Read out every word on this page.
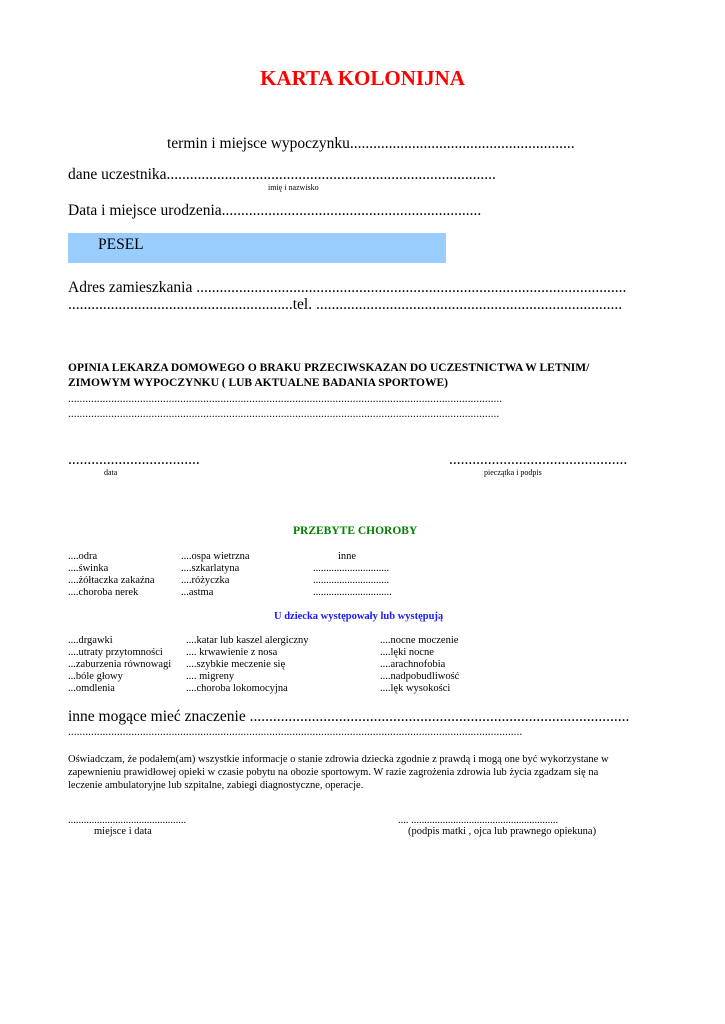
KARTA KOLONIJNA
termin i miejsce wypoczynku..........................................................
dane uczestnika.....................................................................................
imię i nazwisko
Data i miejsce urodzenia...................................................................
PESEL
Adres zamieszkania ...............................................................................................................
..........................................................tel. ...............................................................................
OPINIA LEKARZA DOMOWEGO O BRAKU PRZECIWSKAZAN DO UCZESTNICTWA W LETNIM/
ZIMOWYM WYPOCZYNKU ( LUB AKTUALNE BADANIA SPORTOWE)
.......................................................................................................................................................
......................................................................................................................................................
..................................
data
..............................................
pieczątka i podpis
PRZEBYTE CHOROBY
....odra
....świnka
....żółtaczka zakaźna
....choroba nerek
....ospa wietrzna
....szkarlatyna
....różyczka
...astma
inne
.............................
.............................
..............................
U dziecka występowały lub występują
....drgawki
....utraty przytomności
...zaburzenia równowagi
...bóle głowy
...omdlenia
....katar lub kaszel alergiczny
.... krwawienie z nosa
....szybkie meczenie się
.... migreny
....choroba lokomocyjna
....nocne moczenie
....lęki nocne
....arachnofobia
....nadpobudliwość
....lęk wysokości
inne mogące mieć znaczenie ..................................................................................................
..............................................................................................................................................................
Oświadczam, że podałem(am) wszystkie informacje o stanie zdrowia dziecka zgodnie z prawdą i mogą one być wykorzystane w
zapewnieniu prawidłowej opieki w czasie pobytu na obozie sportowym. W razie zagrożenia zdrowia lub życia zgadzam się na
leczenie ambulatoryjne lub szpitalne, zabiegi diagnostyczne, operacje.
.............................................
miejsce i data
.... ........................................................
(podpis matki , ojca lub prawnego opiekuna)
